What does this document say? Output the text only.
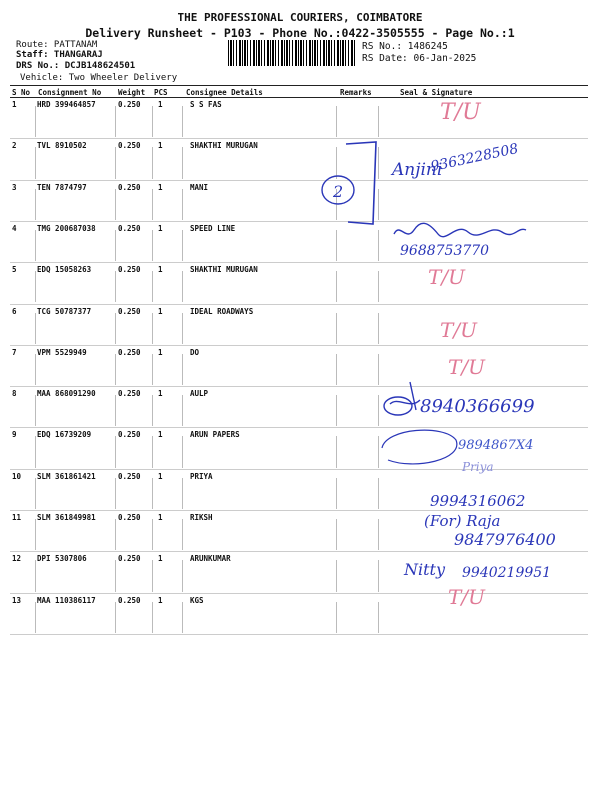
THE PROFESSIONAL COURIERS, COIMBATORE
Delivery Runsheet - P103 - Phone No.:0422-3505555 - Page No.:1
Route: PATTANAM
Staff: THANGARAJ
DRS No.: DCJB148624501
Vehicle: Two Wheeler Delivery
RS No.: 1486245
RS Date: 06-Jan-2025
S No Consignment No Weight PCS Consignee Details	Remarks	Seal & Signature
1	HRD 399464857	0.250 1	S S FAS
2	TVL 8910502	0.250 1	SHAKTHI MURUGAN
3	TEN 7874797	0.250 1	MANI
4	TMG 200687038	0.250 1	SPEED LINE
5	EDQ 15058263	0.250 1	SHAKTHI MURUGAN
6	TCG 50787377	0.250 1	IDEAL ROADWAYS
7	VPM 5529949	0.250 1	DO
8	MAA 868091290	0.250 1	AULP
9	EDQ 16739209	0.250 1	ARUN PAPERS
10 SLM 361861421	0.250 1	PRIYA
11 SLM 361849981	0.250 1	RIKSH
12 DPI 5307806	0.250 1	ARUNKUMAR
13 MAA 110386117	0.250 1	KGS
T/U
2
Anjini
9363228508
9688753770
T/U
T/U
T/U
8940366699
9894867X4
Priya
9994316062
(For) Raja
9847976400
Nitty 9940219951
T/U
